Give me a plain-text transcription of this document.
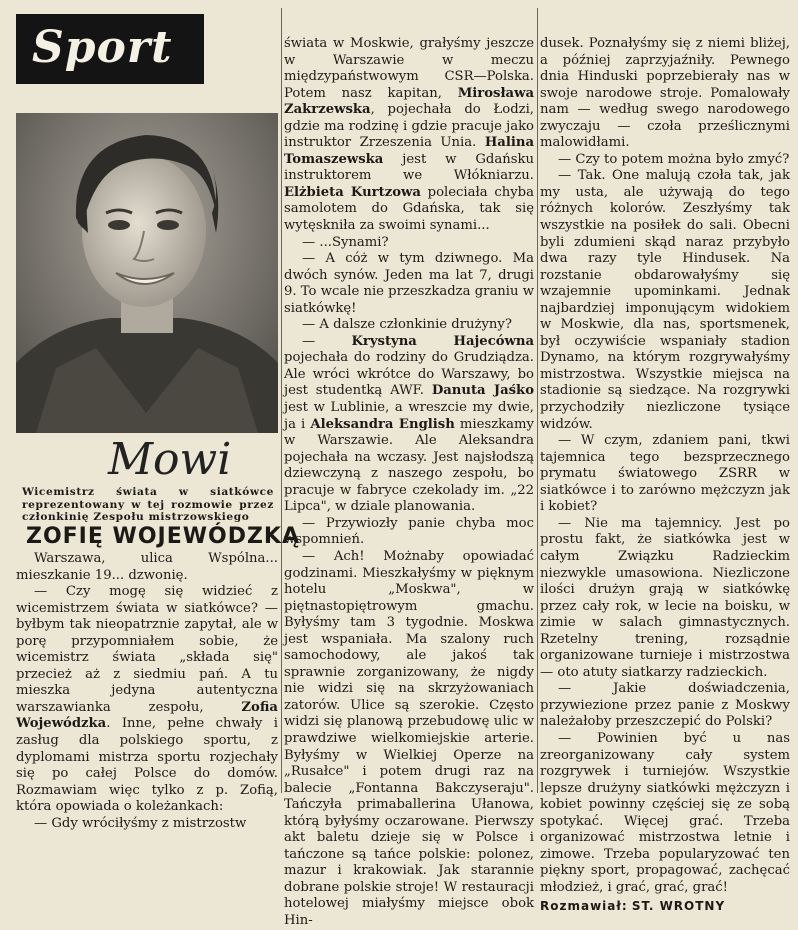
Sport
Mowi
Wicemistrz świata w siatkówce reprezentowany w tej rozmowie przez członkinię Zespołu mistrzowskiego
ZOFIĘ WOJEWÓDZKĄ

Warszawa, ulica Wspólna... mieszkanie 19... dzwonię.

— Czy mogę się widzieć z wicemistrzem świata w siatkówce? — byłbym tak nieopatrznie zapytał, ale w porę przypomniałem sobie, że wicemistrz świata „składa się" przecież aż z siedmiu pań. A tu mieszka jedyna autentyczna warszawianka zespołu,	Zofia Wojewódzka. Inne, pełne chwały i zasług dla polskiego sportu, z dyplomami mistrza sportu rozjechały się po całej Polsce do domów. Rozmawiam więc tylko z p. Zofią, która opowiada o koleżankach:

— Gdy wróciłyśmy z mistrzostw

świata w Moskwie, grałyśmy jeszcze w Warszawie w meczu międzypaństwowym CSR—Polska. Potem nasz kapitan, Mirosława Zakrzewska, pojechała do Łodzi, gdzie ma rodzinę i gdzie pracuje jako instruktor Zrzeszenia Unia. Halina Tomaszewska jest w Gdańsku instruktorem we Włókniarzu. Elżbieta Kurtzowa poleciała chyba samolotem do Gdańska, tak się wytęskniła za swoimi synami...

— ...Synami?

— A cóż w tym dziwnego. Ma dwóch synów. Jeden ma lat 7, drugi 9. To wcale nie przeszkadza graniu w siatkówkę!

— A dalsze członkinie drużyny?

— Krystyna Hajecówna pojechała do rodziny do Grudziądza. Ale wróci wkrótce do Warszawy, bo jest studentką AWF. Danuta Jaśko jest w Lublinie, a wreszcie my dwie, ja i Aleksandra English mieszkamy w Warszawie. Ale Aleksandra pojechała na wczasy. Jest najsłodszą dziewczyną z naszego zespołu, bo pracuje w fabryce czekolady im. „22 Lipca", w dziale planowania.

— Przywiozły panie chyba moc wspomnień.

— Ach! Możnaby opowiadać godzinami. Mieszkałyśmy w pięknym hotelu „Moskwa", w piętnastopiętrowym gmachu. Byłyśmy tam 3 tygodnie. Moskwa jest wspaniała. Ma szalony ruch samochodowy, ale jakoś tak sprawnie zorganizowany, że nigdy nie widzi się na skrzyżowaniach zatorów. Ulice są szerokie. Często widzi się planową przebudowę ulic w prawdziwe wielkomiejskie arterie. Byłyśmy w Wielkiej Operze na „Rusałce" i potem drugi raz na balecie „Fontanna Bakczyseraju". Tańczyła primaballerina Ułanowa, którą byłyśmy oczarowane. Pierwszy akt baletu dzieje się w Polsce i tańczone są tańce polskie: polonez, mazur i krakowiak. Jak starannie dobrane polskie stroje! W restauracji hotelowej miałyśmy miejsce obok Hin-

dusek. Poznałyśmy się z niemi bliżej, a później zaprzyjaźniły. Pewnego dnia Hinduski poprzebierały nas w swoje narodowe stroje. Pomalowały nam — według swego narodowego zwyczaju — czoła prześlicznymi malowidłami.

— Czy to potem można było zmyć?

— Tak. One malują czoła tak, jak my usta, ale używają do tego różnych kolorów. Zeszłyśmy tak wszystkie na posiłek do sali. Obecni byli zdumieni skąd naraz przybyło dwa razy tyle Hindusek. Na rozstanie obdarowałyśmy się wzajemnie upominkami. Jednak najbardziej imponującym widokiem w Moskwie, dla nas, sportsmenek, był oczywiście wspaniały stadion Dynamo, na którym rozgrywałyśmy mistrzostwa. Wszystkie miejsca na stadionie są siedzące. Na rozgrywki przychodziły niezliczone tysiące widzów.

— W czym, zdaniem pani, tkwi tajemnica tego bezsprzecznego prymatu światowego ZSRR w siatkówce i to zarówno mężczyzn jak i kobiet?

— Nie ma tajemnicy. Jest po prostu fakt, że siatkówka jest w całym Związku Radzieckim niezwykle umasowiona. Niezliczone ilości drużyn grają w siatkówkę przez cały rok, w lecie na boisku, w zimie w salach gimnastycznych. Rzetelny trening, rozsądnie organizowane turnieje i mistrzostwa — oto atuty siatkarzy radzieckich.

— Jakie doświadczenia, przywiezione przez panie z Moskwy należałoby przeszczepić do Polski?

— Powinien być u nas zreorganizowany cały system rozgrywek i turniejów. Wszystkie lepsze drużyny siatkówki mężczyzn i kobiet powinny częściej się ze sobą spotykać. Więcej grać. Trzeba organizować mistrzostwa letnie i zimowe. Trzeba popularyzować ten piękny sport, propagować, zachęcać młodzież, i grać, grać, grać!

Rozmawiał: ST. WROTNY
